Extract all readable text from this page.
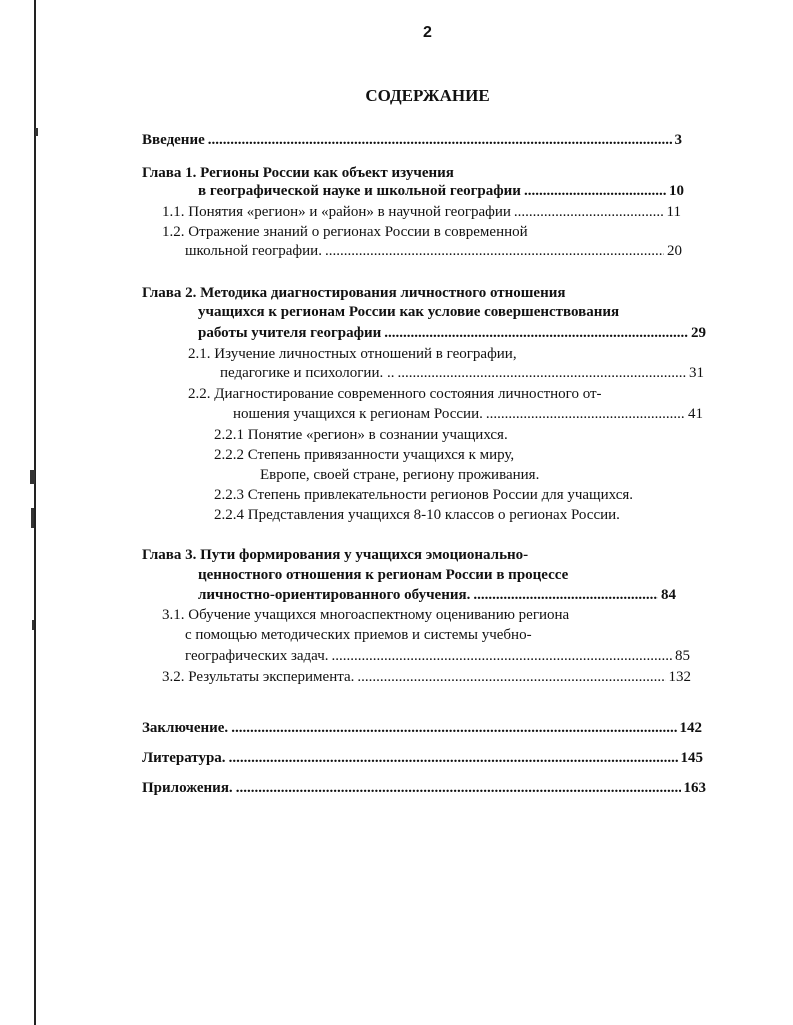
2
СОДЕРЖАНИЕ
Введение .....	3
Глава 1. Регионы России как объект изучения
в географической науке и школьной географии .....	10
1.1. Понятия «регион» и «район» в научной географии .....	11
1.2. Отражение знаний о регионах России в современной
школьной географии. .....	20
Глава 2. Методика диагностирования личностного отношения
учащихся к регионам России как условие совершенствования
работы учителя географии .....	29
2.1. Изучение личностных отношений в географии,
педагогике и психологии. .. .....	31
2.2. Диагностирование современного состояния личностного от-
ношения учащихся к регионам России. .....	41
2.2.1 Понятие «регион» в сознании учащихся.
2.2.2 Степень привязанности учащихся к миру,
Европе, своей стране, региону проживания.
2.2.3 Степень привлекательности регионов России для учащихся.
2.2.4 Представления учащихся 8-10 классов о регионах России.
Глава 3. Пути формирования у учащихся эмоционально-
ценностного отношения к регионам России в процессе
личностно-ориентированного обучения. .....	84
3.1. Обучение учащихся многоаспектному оцениванию региона
с помощью методических приемов и системы учебно-
географических задач. .....	85
3.2. Результаты эксперимента. .....	132
Заключение. .....	142
Литература. .....	145
Приложения. .....	163
